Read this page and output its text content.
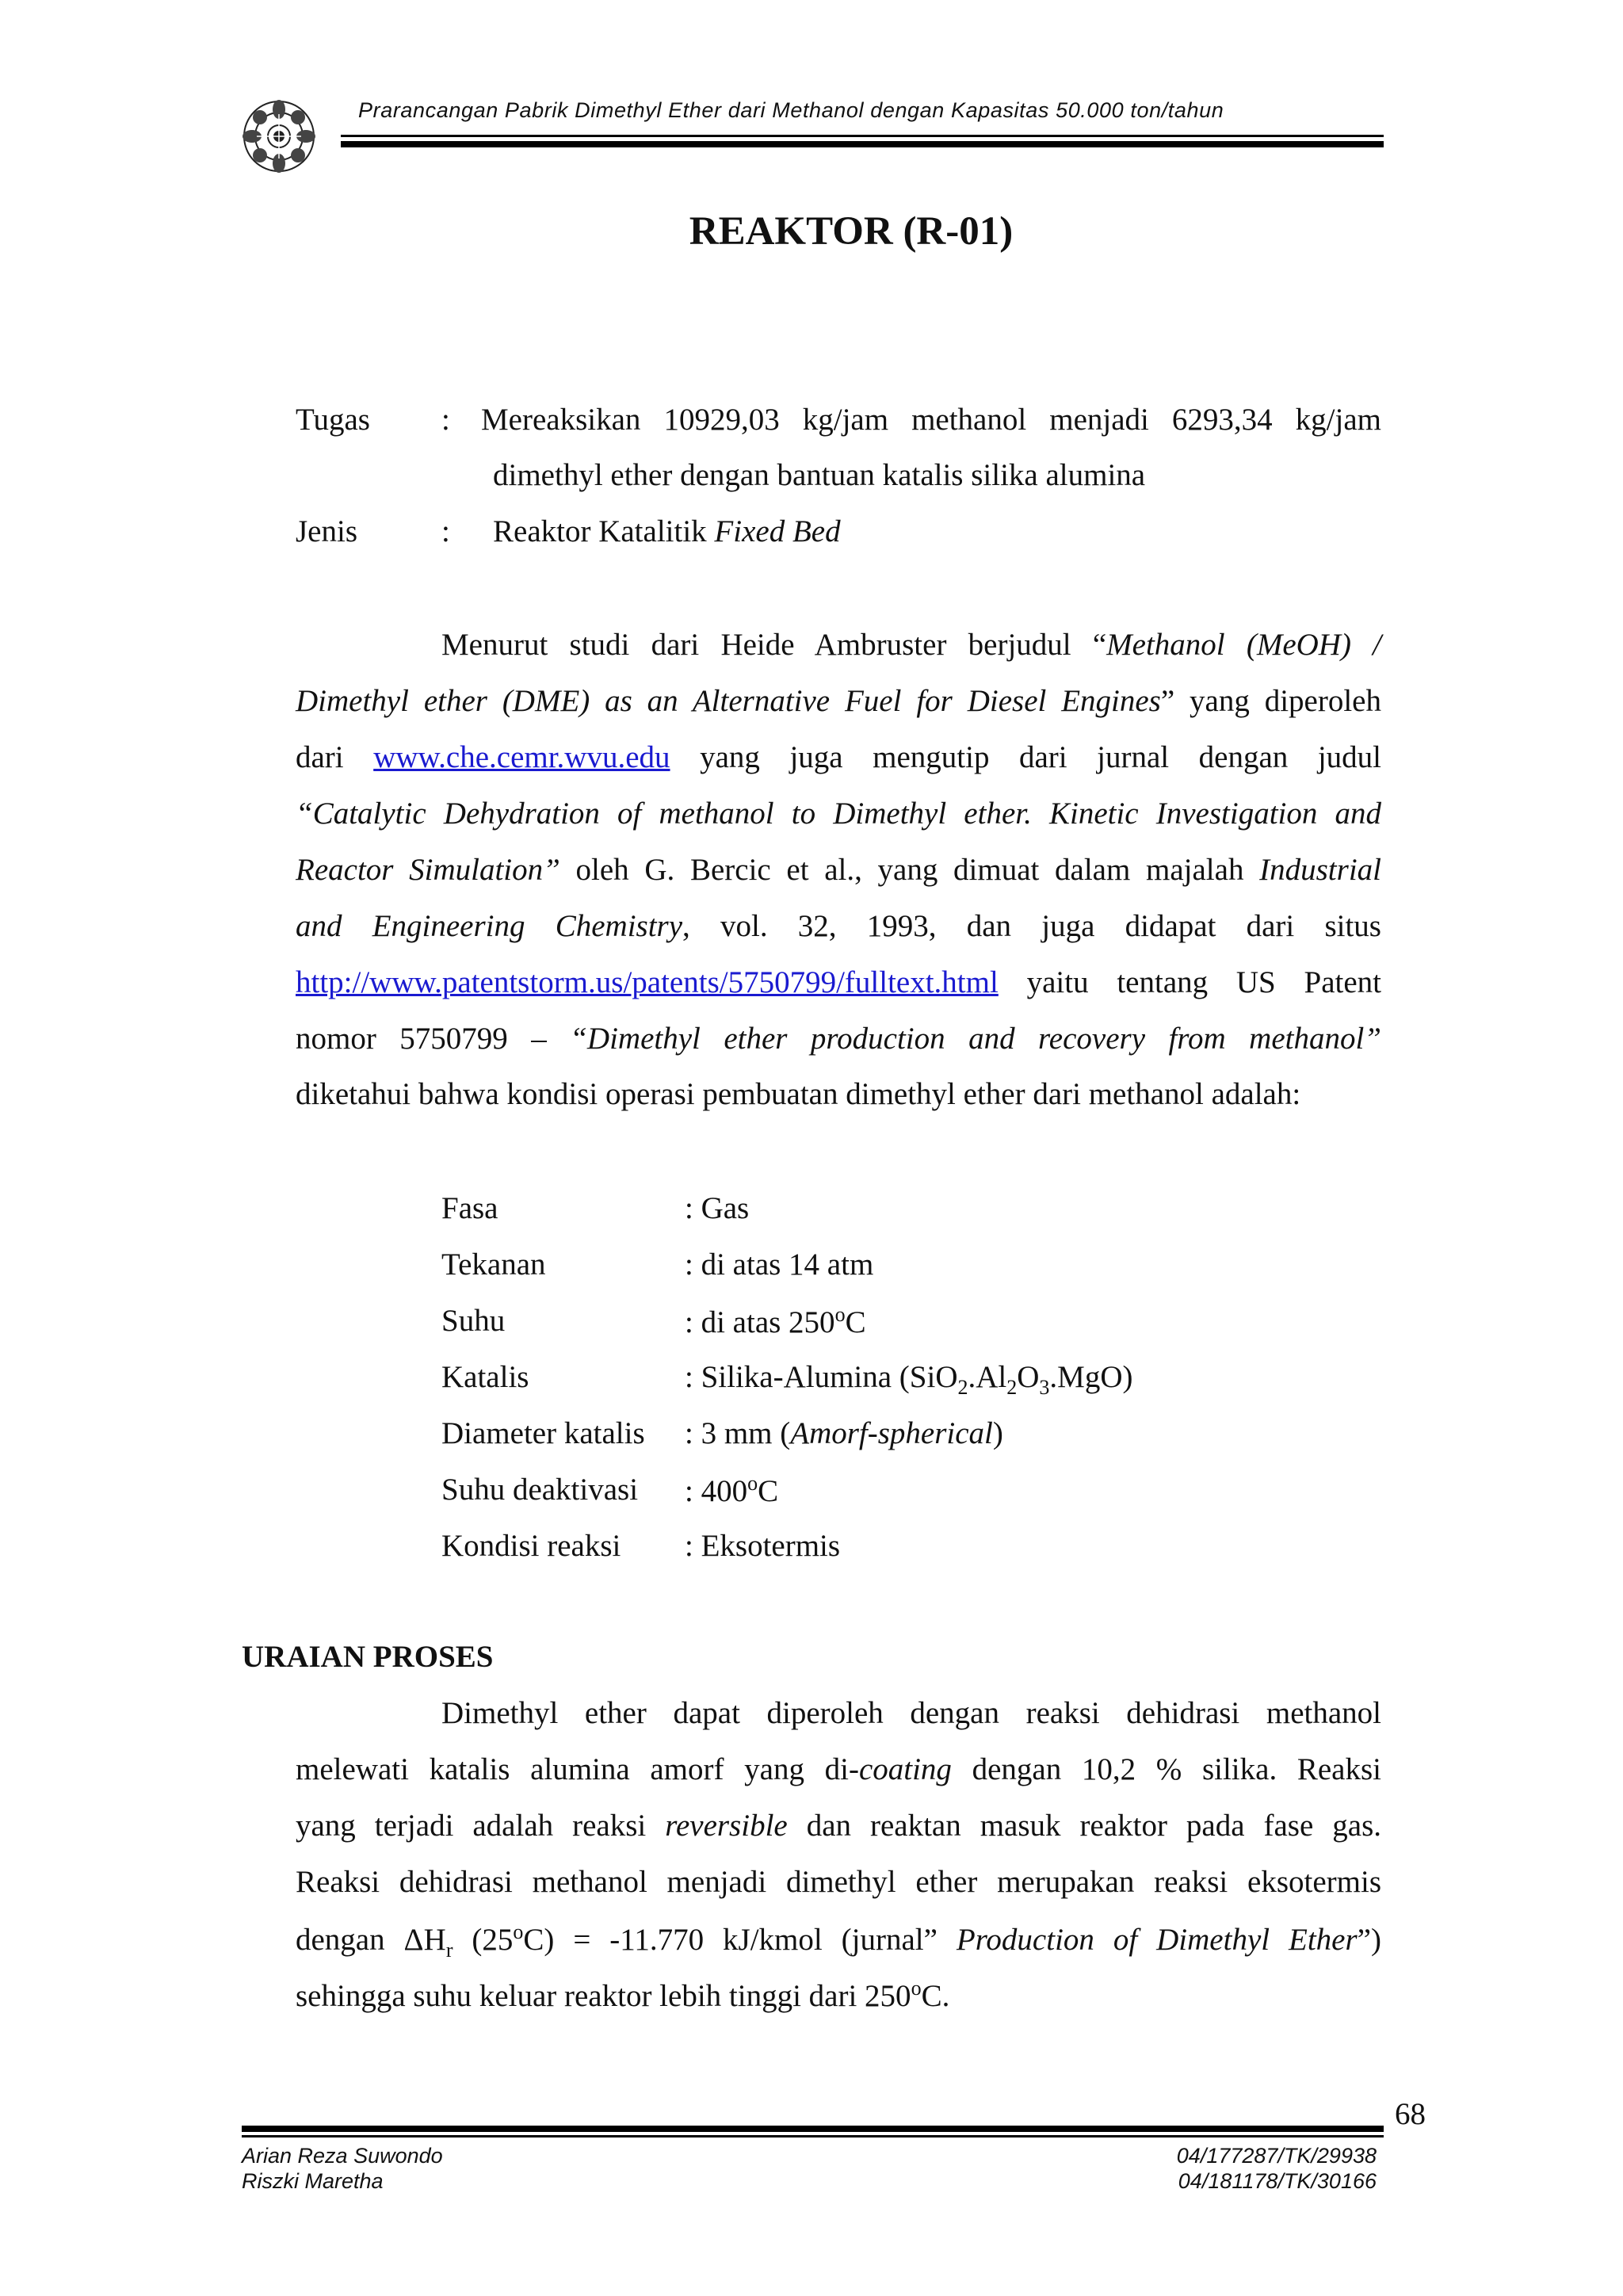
Prarancangan Pabrik Dimethyl Ether dari Methanol dengan Kapasitas 50.000 ton/tahun
REAKTOR (R-01)
Tugas : Mereaksikan 10929,03 kg/jam methanol menjadi 6293,34 kg/jam
dimethyl ether dengan bantuan katalis silika alumina
Jenis	: Reaktor Katalitik Fixed Bed
Menurut studi dari Heide Ambruster berjudul “Methanol (MeOH) /
Dimethyl ether (DME) as an Alternative Fuel for Diesel Engines” yang diperoleh
dari www.che.cemr.wvu.edu yang juga mengutip dari jurnal dengan judul
“Catalytic Dehydration of methanol to Dimethyl ether. Kinetic Investigation and
Reactor Simulation” oleh G. Bercic et al., yang dimuat dalam majalah Industrial
and Engineering Chemistry, vol. 32, 1993, dan juga didapat dari situs
http://www.patentstorm.us/patents/5750799/fulltext.html yaitu tentang US Patent
nomor 5750799 – “Dimethyl ether production and recovery from methanol”
diketahui bahwa kondisi operasi pembuatan dimethyl ether dari methanol adalah:
Fasa	: Gas
Tekanan	: di atas 14 atm
Suhu	: di atas 250$^o$C
Katalis	: Silika-Alumina $(SiO_2.Al_2O_3.MgO)$
Diameter katalis : 3 mm (Amorf-spherical)
Suhu deaktivasi : 400$^o$C
Kondisi reaksi : Eksotermis
URAIAN PROSES
Dimethyl ether dapat diperoleh dengan reaksi dehidrasi methanol
melewati katalis alumina amorf yang di-coating dengan 10,2 % silika. Reaksi
yang terjadi adalah reaksi reversible dan reaktan masuk reaktor pada fase gas.
Reaksi dehidrasi methanol menjadi dimethyl ether merupakan reaksi eksotermis
dengan $\Delta H_r$ $(25^oC) = -11.770$ kJ/kmol (jurnal” Production of Dimethyl Ether”)
sehingga suhu keluar reaktor lebih tinggi dari 250$^o$C.
68
Arian Reza Suwondo	04/177287/TK/29938
Riszki Maretha	04/181178/TK/30166
